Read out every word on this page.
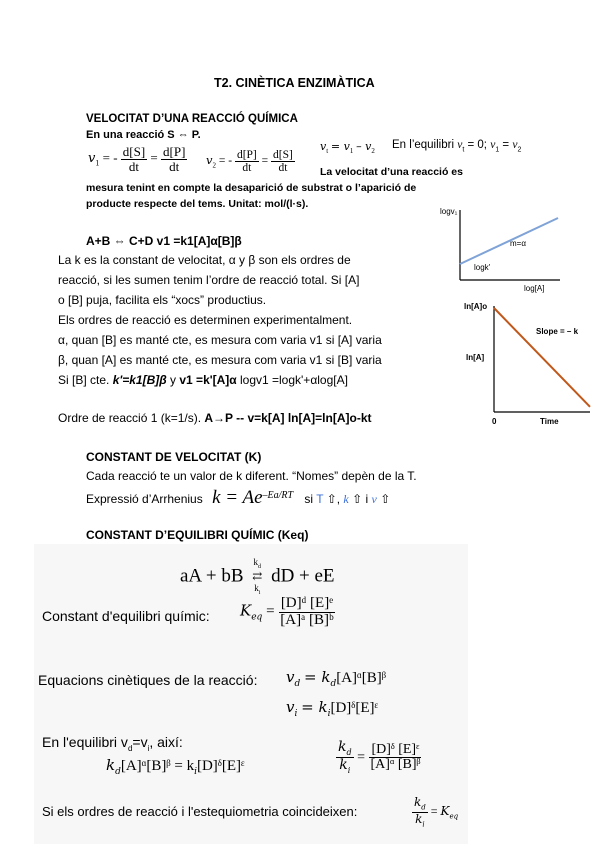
T2. CINÈTICA ENZIMÀTICA
VELOCITAT D’UNA REACCIÓ QUÍMICA
En una reacció S ⇔ P.
$v_1$ = - $\frac{d[S]}{dt} = \frac{d[P]}{dt} v_2$ = - $\frac{d[P]}{dt} = \frac{d[S]}{dt}$
$v_t = v_1 - v_2$
En l’equilibri $v_t = 0$; $v_1 = v_2$
La velocitat d’una reacció es
mesura tenint en compte la desaparició de substrat o l’aparició de
producte respecte del tems. Unitat: mol/(l·s).
logv₁
log[A]
m=α
logk'
A+B ⇔ C+D v1 =k1[A]α[B]β
La k es la constant de velocitat, α y β son els ordres de
reacció, si les sumen tenim l’ordre de reacció total. Si [A]
o [B] puja, facilita els “xocs” productius.
Els ordres de reacció es determinen experimentalment.
α, quan [B] es manté cte, es mesura com varia v1 si [A] varia
β, quan [A] es manté cte, es mesura com varia v1 si [B] varia
Si [B] cte. k'=k1[B]β y v1 =k'[A]α logv1 =logk'+αlog[A]
Ordre de reacció 1 (k=1/s). A→P -- v=k[A] ln[A]=ln[A]o-kt
ln[A]o
ln[A]
0	Time
Slope = – k
CONSTANT DE VELOCITAT (K)
Cada reacció te un valor de k diferent. “Nomes” depèn de la T.
Expressió d’Arrhenius $k = Ae^{-Ea/RT}$ si T ⇧, k ⇧ i v ⇧
CONSTANT D’EQUILIBRI QUÍMIC (Keq)
aA + bB
$k_d$
⇄
$k_i$
dD + eE
Constant d'equilibri químic: $K_{eq} = \frac{\text{[D]ᵈ [E]ᵉ}}{\text{[A]ᵃ [B]ᵇ}}$
Equacions cinètiques de la reacció: $v_d$ = $k_d[A]ᵅ[B]ᵝ$
$v_i$ = $k_i[D]ᵟ[E]ᵋ$
En l'equilibri $v_d=v_i$, així:
$k_d[A]ᵅ[B]ᵝ$ = $k_i[D]ᵟ[E]ᵋ$	$\frac{k_d}{k_i} = \frac{\text{[D]ᵟ [E]ᵋ}}{\text{[A]ᵅ [B]ᵝ}}$
Si els ordres de reacció i l'estequiometria coincideixen:	$\frac{k_d}{k_i} = K_{eq}$
